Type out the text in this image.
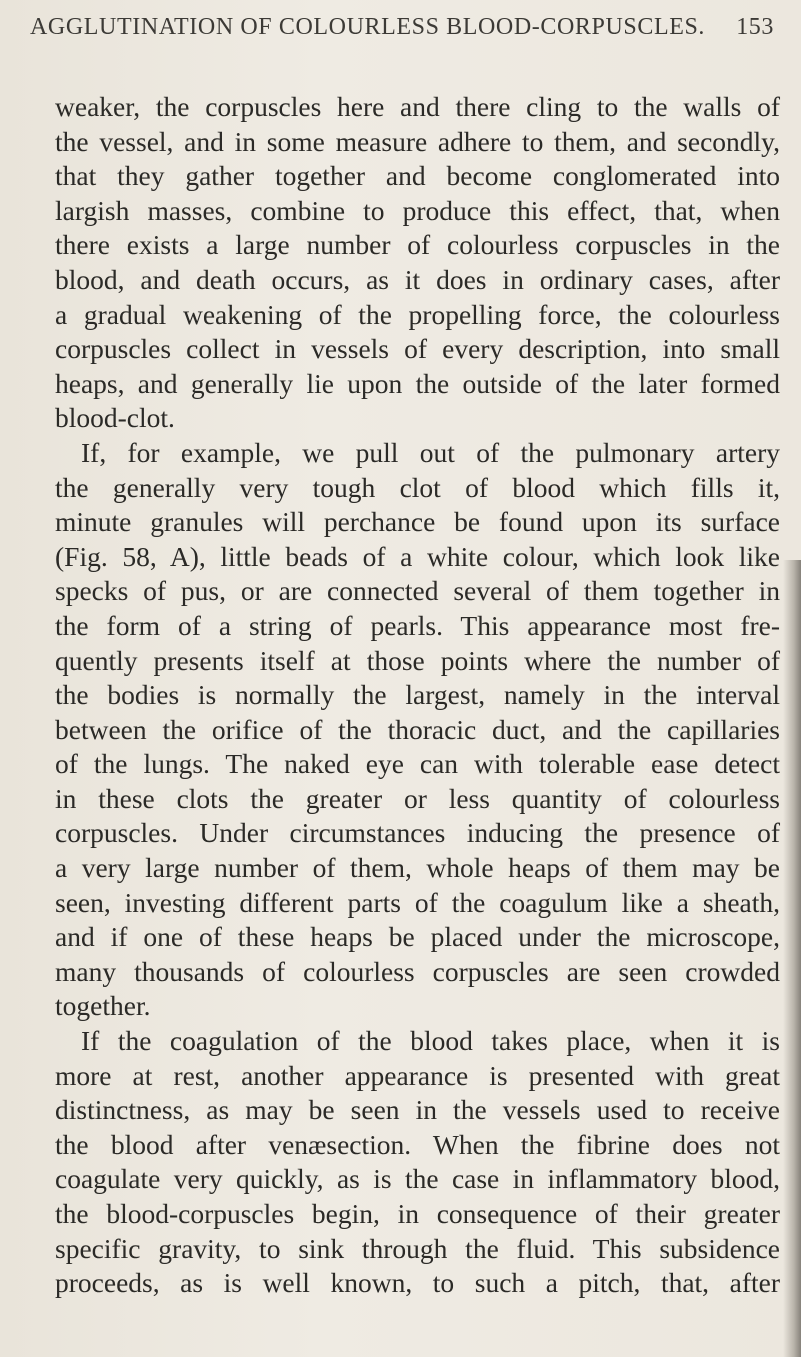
AGGLUTINATION OF COLOURLESS BLOOD-CORPUSCLES. 153
weaker, the corpuscles here and there cling to the walls of
the vessel, and in some measure adhere to them, and secondly,
that they gather together and become conglomerated into
largish masses, combine to produce this effect, that, when
there exists a large number of colourless corpuscles in the
blood, and death occurs, as it does in ordinary cases, after
a gradual weakening of the propelling force, the colourless
corpuscles collect in vessels of every description, into small
heaps, and generally lie upon the outside of the later formed
blood-clot.
If, for example, we pull out of the pulmonary artery
the generally very tough clot of blood which fills it,
minute granules will perchance be found upon its surface
(Fig. 58, A), little beads of a white colour, which look like
specks of pus, or are connected several of them together in
the form of a string of pearls. This appearance most fre-
quently presents itself at those points where the number of
the bodies is normally the largest, namely in the interval
between the orifice of the thoracic duct, and the capillaries
of the lungs. The naked eye can with tolerable ease detect
in these clots the greater or less quantity of colourless
corpuscles. Under circumstances inducing the presence of
a very large number of them, whole heaps of them may be
seen, investing different parts of the coagulum like a sheath,
and if one of these heaps be placed under the microscope,
many thousands of colourless corpuscles are seen crowded
together.
If the coagulation of the blood takes place, when it is
more at rest, another appearance is presented with great
distinctness, as may be seen in the vessels used to receive
the blood after venæsection. When the fibrine does not
coagulate very quickly, as is the case in inflammatory blood,
the blood-corpuscles begin, in consequence of their greater
specific gravity, to sink through the fluid. This subsidence
proceeds, as is well known, to such a pitch, that, after
